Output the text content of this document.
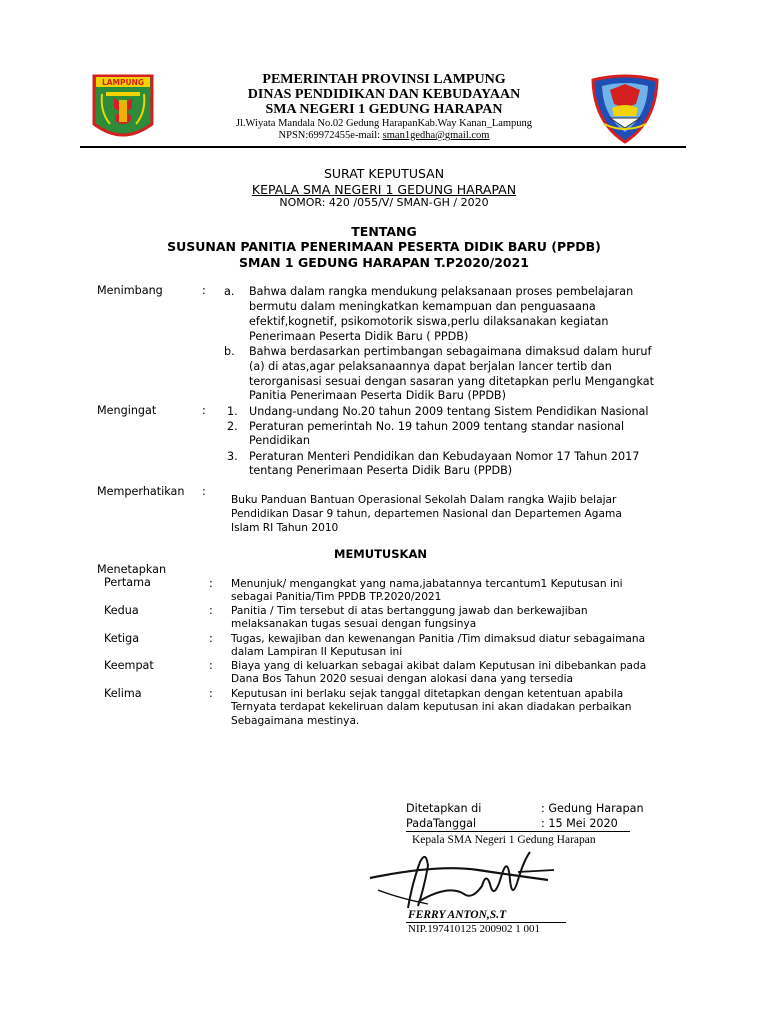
LAMPUNG	PEMERINTAH PROVINSI LAMPUNG
DINAS PENDIDIKAN DAN KEBUDAYAAN
SMA NEGERI 1 GEDUNG HARAPAN
Jl.Wiyata Mandala No.02 Gedung HarapanKab.Way Kanan_Lampung
NPSN:69972455e-mail: sman1gedha@gmail.com
SURAT KEPUTUSAN
KEPALA SMA NEGERI 1 GEDUNG HARAPAN
NOMOR: 420 /055/V/ SMAN-GH / 2020
TENTANG
SUSUNAN PANITIA PENERIMAAN PESERTA DIDIK BARU (PPDB)
SMAN 1 GEDUNG HARAPAN T.P2020/2021
Menimbang	: a. Bahwa dalam rangka mendukung pelaksanaan proses pembelajaran
bermutu dalam meningkatkan kemampuan dan penguasaana
efektif,kognetif, psikomotorik siswa,perlu dilaksanakan kegiatan
Penerimaan Peserta Didik Baru ( PPDB)
b. Bahwa berdasarkan pertimbangan sebagaimana dimaksud dalam huruf
(a) di atas,agar pelaksanaannya dapat berjalan lancer tertib dan
terorganisasi sesuai dengan sasaran yang ditetapkan perlu Mengangkat
Panitia Penerimaan Peserta Didik Baru (PPDB)
Mengingat	: 1. Undang-undang No.20 tahun 2009 tentang Sistem Pendidikan Nasional
2. Peraturan pemerintah No. 19 tahun 2009 tentang standar nasional
Pendidikan
3. Peraturan Menteri Pendidikan dan Kebudayaan Nomor 17 Tahun 2017
tentang Penerimaan Peserta Didik Baru (PPDB)
Memperhatikan :
Buku Panduan Bantuan Operasional Sekolah Dalam rangka Wajib belajar
Pendidikan Dasar 9 tahun, departemen Nasional dan Departemen Agama
Islam RI Tahun 2010
MEMUTUSKAN
Menetapkan
Pertama	: Menunjuk/ mengangkat yang nama,jabatannya tercantum1 Keputusan ini
sebagai Panitia/Tim PPDB TP.2020/2021
Kedua	: Panitia / Tim tersebut di atas bertanggung jawab dan berkewajiban
melaksanakan tugas sesuai dengan fungsinya
Ketiga	: Tugas, kewajiban dan kewenangan Panitia /Tim dimaksud diatur sebagaimana
dalam Lampiran II Keputusan ini
Keempat	: Biaya yang di keluarkan sebagai akibat dalam Keputusan ini dibebankan pada
Dana Bos Tahun 2020 sesuai dengan alokasi dana yang tersedia
Kelima	: Keputusan ini berlaku sejak tanggal ditetapkan dengan ketentuan apabila
Ternyata terdapat kekeliruan dalam keputusan ini akan diadakan perbaikan
Sebagaimana mestinya.
Ditetapkan di	: Gedung Harapan
PadaTanggal	: 15 Mei 2020
Kepala SMA Negeri 1 Gedung Harapan
FERRY ANTON,S.T
NIP.197410125 200902 1 001
